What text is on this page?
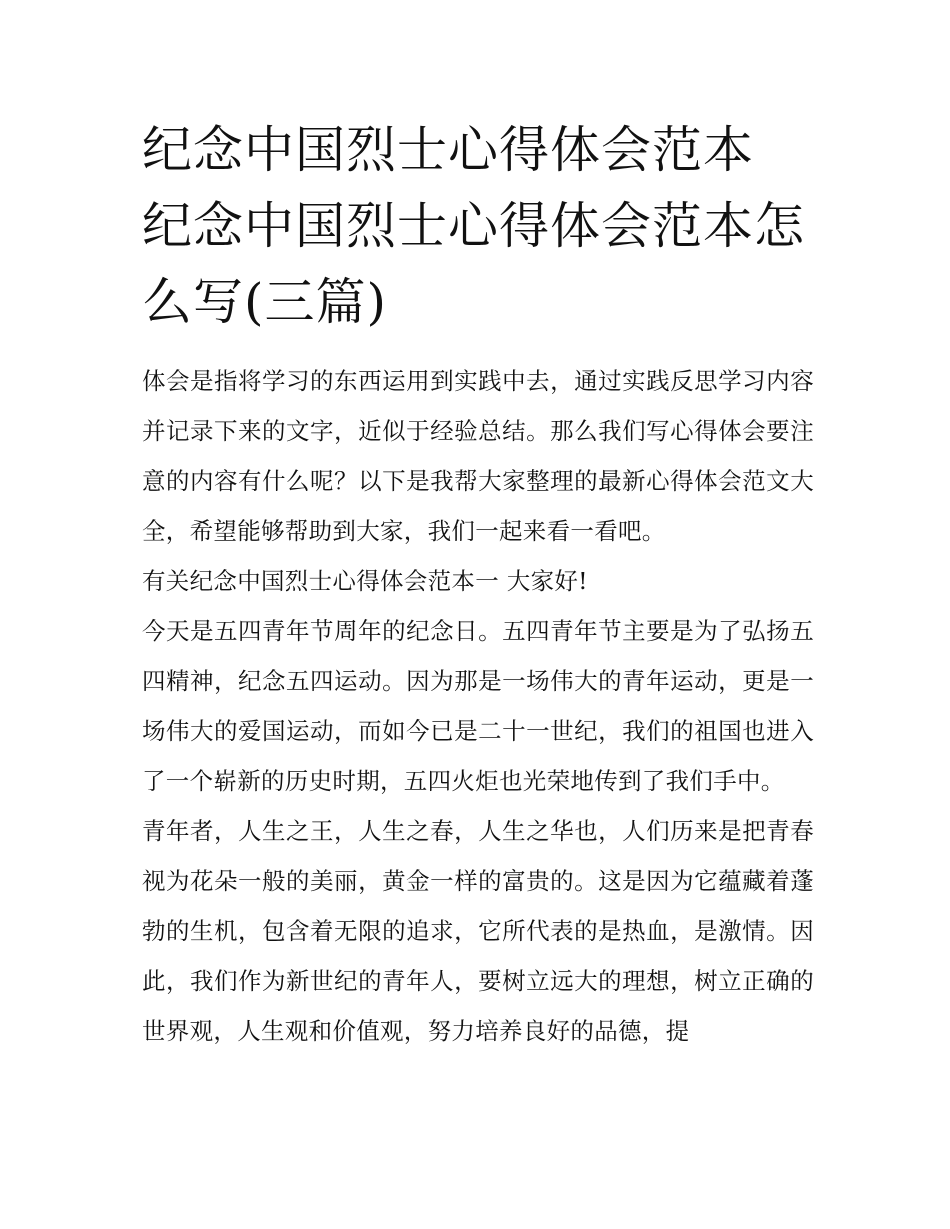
纪念中国烈士心得体会范本 纪念中国烈士心得体会范本怎么写(三篇)

体会是指将学习的东西运用到实践中去，通过实践反思学习内容并记录下来的文字，近似于经验总结。那么我们写心得体会要注意的内容有什么呢？以下是我帮大家整理的最新心得体会范文大全，希望能够帮助到大家，我们一起来看一看吧。

有关纪念中国烈士心得体会范本一 大家好!

今天是五四青年节周年的纪念日。五四青年节主要是为了弘扬五四精神，纪念五四运动。因为那是一场伟大的青年运动，更是一场伟大的爱国运动，而如今已是二十一世纪，我们的祖国也进入了一个崭新的历史时期，五四火炬也光荣地传到了我们手中。

青年者，人生之王，人生之春，人生之华也，人们历来是把青春视为花朵一般的美丽，黄金一样的富贵的。这是因为它蕴藏着蓬勃的生机，包含着无限的追求，它所代表的是热血，是激情。因此，我们作为新世纪的青年人，要树立远大的理想，树立正确的世界观，人生观和价值观，努力培养良好的品德，提
